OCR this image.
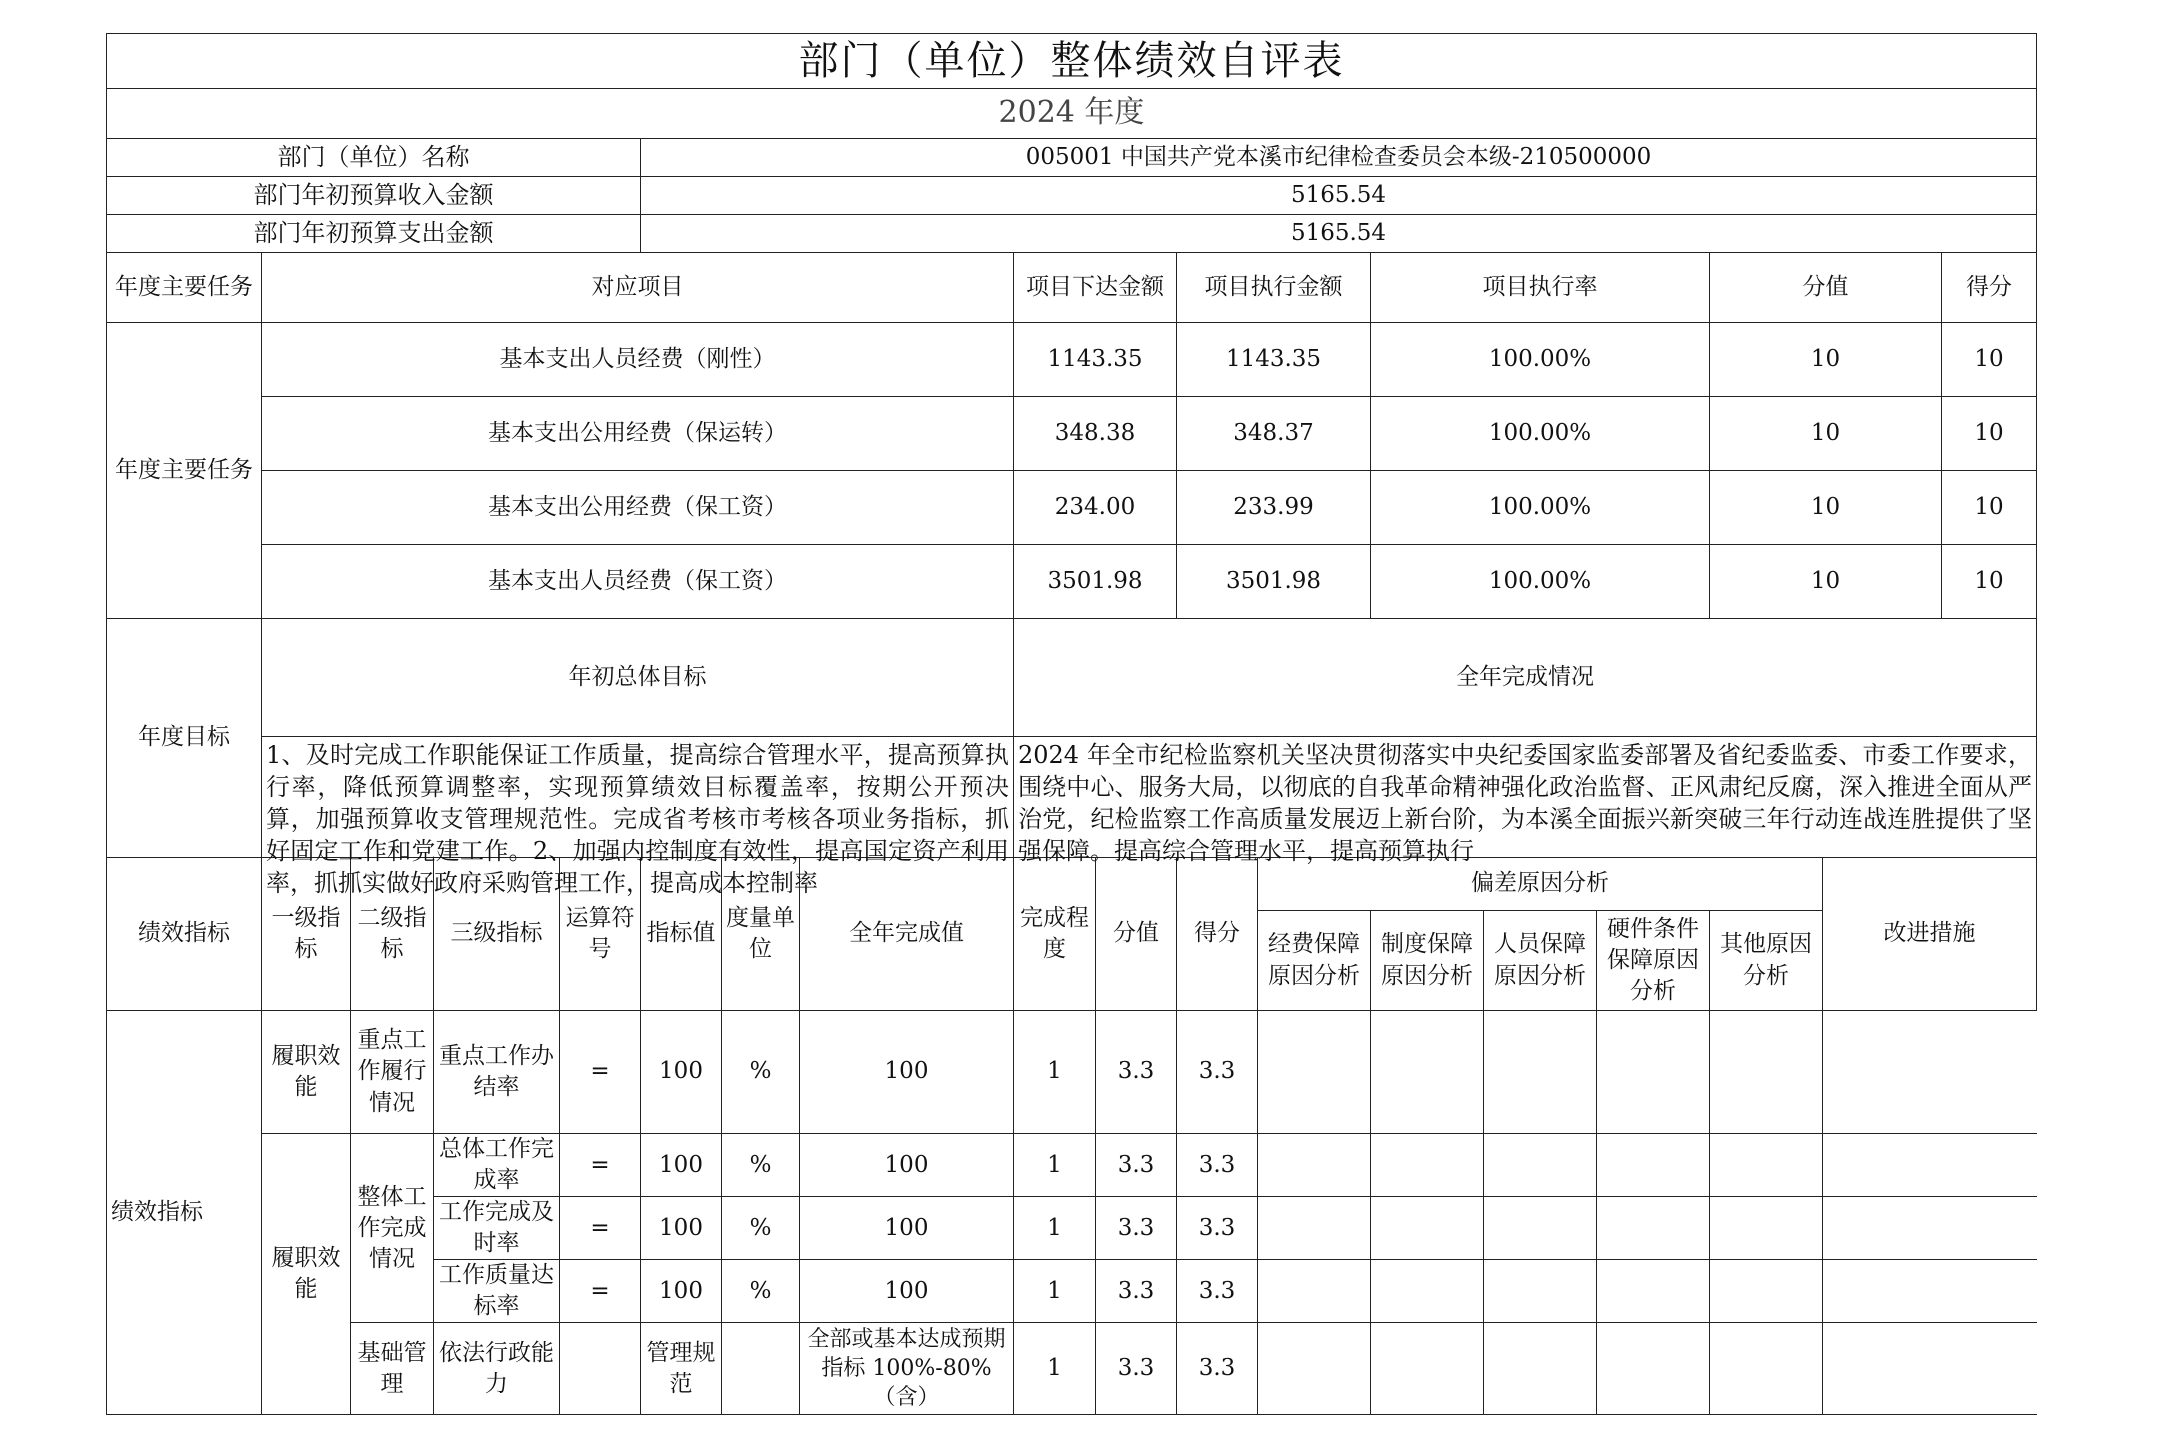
部门（单位）整体绩效自评表																	
2024 年度																	
部门（单位）名称					005001 中国共产党本溪市纪律检查委员会本级-210500000												
部门年初预算收入金额					5165.54												
部门年初预算支出金额					5165.54												
年度主要任务	对应项目							项目下达金额		项目执行金额		项目执行率			分值		得分
年度主要任务	基本支出人员经费（刚性）							1143.35		1143.35		100.00%			10		10
	基本支出公用经费（保运转）							348.38		348.37		100.00%			10		10
	基本支出公用经费（保工资）							234.00		233.99		100.00%			10		10
	基本支出人员经费（保工资）							3501.98		3501.98		100.00%			10		10
年度目标	年初总体目标							全年完成情况									

	1、及时完成工作职能保证工作质量，提高综合管理水平，提高预算执行率，降低预算调整率，实现预算绩效目标覆盖率，按期公开预决算，加强预算收支管理规范性。完成省考核市考核各项业务指标，抓好固定工作和党建工作。2、加强内控制度有效性，提高国定资产利用率，抓抓实做好政府采购管理工作，提高成本控制率							2024 年全市纪检监察机关坚决贯彻落实中央纪委国家监委部署及省纪委监委、市委工作要求，围绕中心、服务大局，以彻底的自我革命精神强化政治监督、正风肃纪反腐，深入推进全面从严治党，纪检监察工作高质量发展迈上新台阶，为本溪全面振兴新突破三年行动连战连胜提供了坚强保障。提高综合管理水平，提高预算执行									

绩效指标	一级指标	二级指标	三级指标	运算符号	指标值	度量单位	全年完成值	完成程度	分值	得分	偏差原因分析					改进措施	
											经费保障原因分析	制度保障原因分析	人员保障原因分析	硬件条件保障原因分析	其他原因分析		
绩效指标	履职效能	重点工作履行情况	重点工作办结率	=	100	%	100	1	3.3	3.3							
	履职效能	整体工作完成情况	总体工作完成率	=	100	%	100	1	3.3	3.3							
			工作完成及时率	=	100	%	100	1	3.3	3.3							
			工作质量达标率	=	100	%	100	1	3.3	3.3							
		基础管理	依法行政能力		管理规范		全部或基本达成预期指标 100%-80%（含）	1	3.3	3.3							
